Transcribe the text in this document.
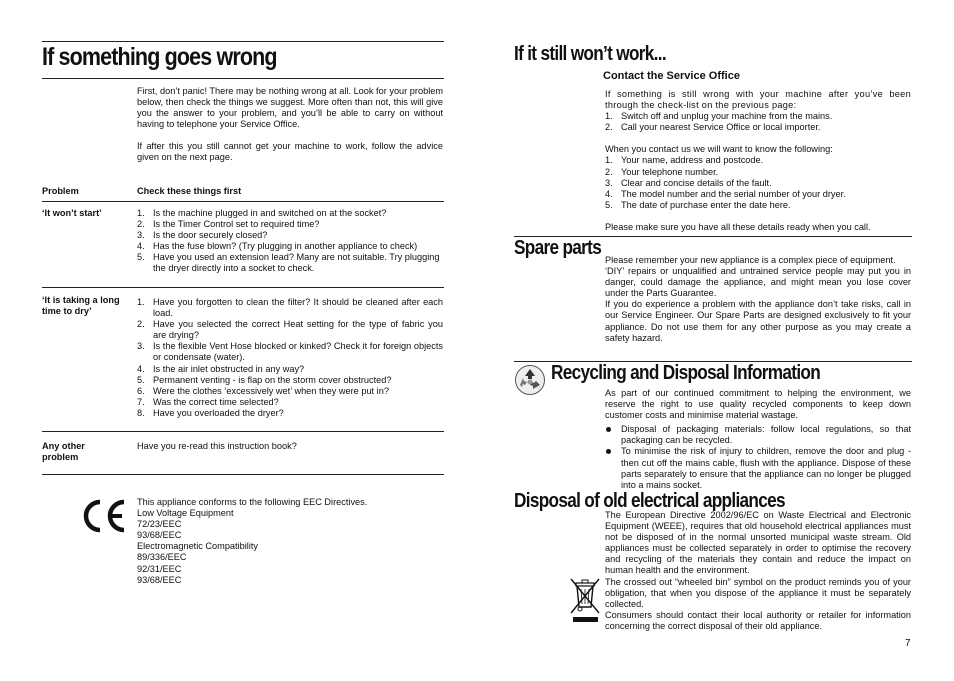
If something goes wrong

First, don’t panic! There may be nothing wrong at all. Look for your problem below, then check the things we suggest. More often than not, this will give you the answer to your problem, and you’ll be able to carry on without having to telephone your Service Office.

If after this you still cannot get your machine to work, follow the advice given on the next page.

Problem	Check these things first
‘It won’t start’	1. Is the machine plugged in and switched on at the socket?
2. Is the Timer Control set to required time?
3. Is the door securely closed?
4. Has the fuse blown? (Try plugging in another appliance to check)
5. Have you used an extension lead? Many are not suitable. Try plugging the dryer directly into a socket to check.
‘It is taking a long time to dry’
1. Have you forgotten to clean the filter? It should be cleaned after each load.
2. Have you selected the correct Heat setting for the type of fabric you are drying?
3. Is the flexible Vent Hose blocked or kinked? Check it for foreign objects or condensate (water).
4. Is the air inlet obstructed in any way?
5. Permanent venting - is flap on the storm cover obstructed?
6. Were the clothes ‘excessively wet’ when they were put in?
7. Was the correct time selected?
8. Have you overloaded the dryer?
Any other problem
Have you re-read this instruction book?
This appliance conforms to the following EEC Directives.
Low Voltage Equipment
72/23/EEC
93/68/EEC
Electromagnetic Compatibility
89/336/EEC
92/31/EEC
93/68/EEC
If it still won’t work...
Contact the Service Office

If something is still wrong with your machine after you’ve been through the check-list on the previous page:

1. Switch off and unplug your machine from the mains.
2. Call your nearest Service Office or local importer.

When you contact us we will want to know the following:

1. Your name, address and postcode.
2. Your telephone number.
3. Clear and concise details of the fault.
4. The model number and the serial number of your dryer.
5. The date of purchase enter the date here.

Please make sure you have all these details ready when you call.

Spare parts
Please remember your new appliance is a complex piece of equipment.
‘DIY’ repairs or unqualified and untrained service people may put you in danger, could damage the appliance, and might mean you lose cover under the Parts Guarantee.
If you do experience a problem with the appliance don’t take risks, call in our Service Engineer. Our Spare Parts are designed exclusively to fit your appliance. Do not use them for any other purpose as you may create a safety hazard.
Recycling and Disposal Information

As part of our continued commitment to helping the environment, we reserve the right to use quality recycled components to keep down customer costs and minimise material wastage.

Disposal of packaging materials: follow local regulations, so that packaging can be recycled.
To minimise the risk of injury to children, remove the door and plug - then cut off the mains cable, flush with the appliance. Dispose of these parts separately to ensure that the appliance can no longer be plugged into a mains socket.
Disposal of old electrical appliances
The European Directive 2002/96/EC on Waste Electrical and Electronic Equipment (WEEE), requires that old household electrical appliances must not be disposed of in the normal unsorted municipal waste stream. Old appliances must be collected separately in order to optimise the recovery and recycling of the materials they contain and reduce the impact on human health and the environment.
The crossed out “wheeled bin” symbol on the product reminds you of your obligation, that when you dispose of the appliance it must be separately collected.
Consumers should contact their local authority or retailer for information concerning the correct disposal of their old appliance.
7
